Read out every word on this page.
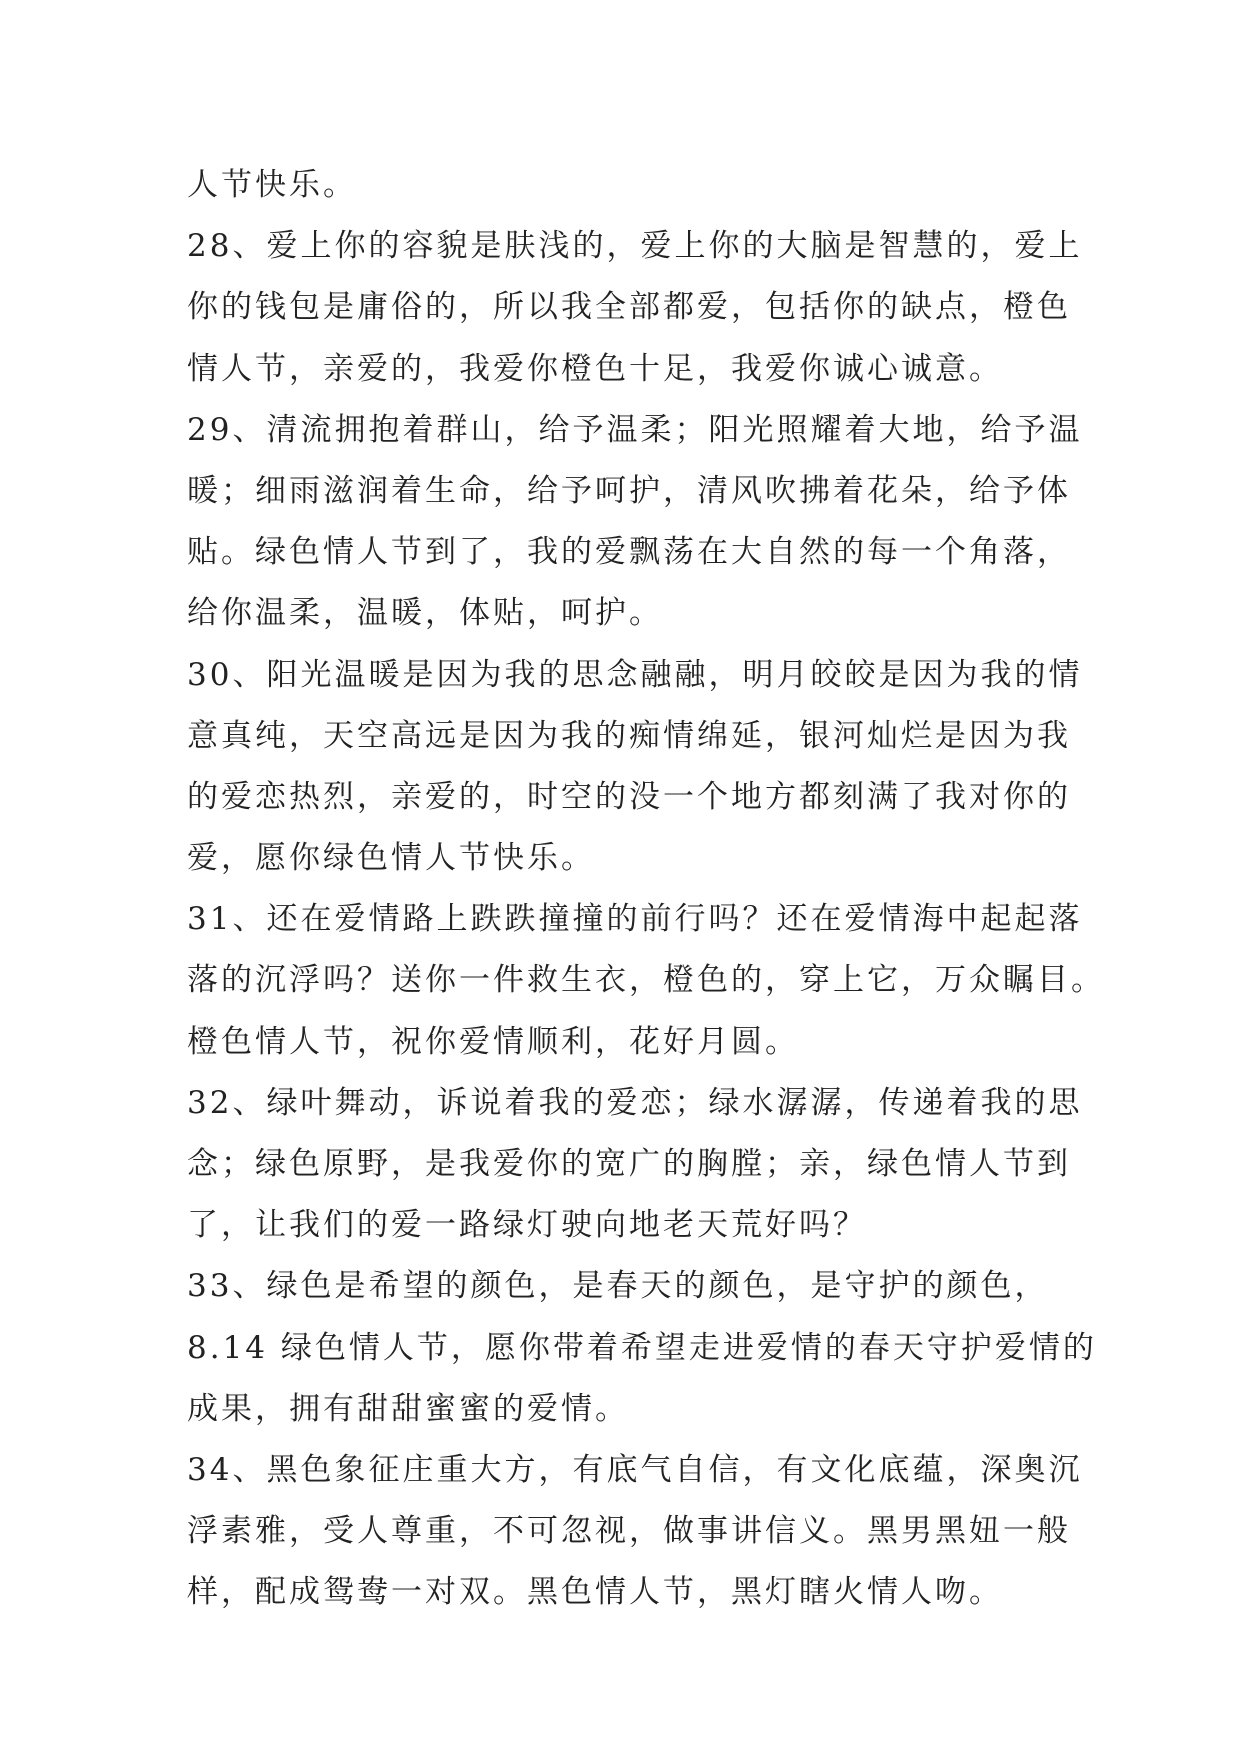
人节快乐。
28、爱上你的容貌是肤浅的，爱上你的大脑是智慧的，爱上
你的钱包是庸俗的，所以我全部都爱，包括你的缺点，橙色
情人节，亲爱的，我爱你橙色十足，我爱你诚心诚意。
29、清流拥抱着群山，给予温柔；阳光照耀着大地，给予温
暖；细雨滋润着生命，给予呵护，清风吹拂着花朵，给予体
贴。绿色情人节到了，我的爱飘荡在大自然的每一个角落，
给你温柔，温暖，体贴，呵护。
30、阳光温暖是因为我的思念融融，明月皎皎是因为我的情
意真纯，天空高远是因为我的痴情绵延，银河灿烂是因为我
的爱恋热烈，亲爱的，时空的没一个地方都刻满了我对你的
爱，愿你绿色情人节快乐。
31、还在爱情路上跌跌撞撞的前行吗？还在爱情海中起起落
落的沉浮吗？送你一件救生衣，橙色的，穿上它，万众瞩目。
橙色情人节，祝你爱情顺利，花好月圆。
32、绿叶舞动，诉说着我的爱恋；绿水潺潺，传递着我的思
念；绿色原野，是我爱你的宽广的胸膛；亲，绿色情人节到
了，让我们的爱一路绿灯驶向地老天荒好吗？
33、绿色是希望的颜色，是春天的颜色，是守护的颜色，
8.14 绿色情人节，愿你带着希望走进爱情的春天守护爱情的
成果，拥有甜甜蜜蜜的爱情。
34、黑色象征庄重大方，有底气自信，有文化底蕴，深奥沉
浮素雅，受人尊重，不可忽视，做事讲信义。黑男黑妞一般
样，配成鸳鸯一对双。黑色情人节，黑灯瞎火情人吻。
